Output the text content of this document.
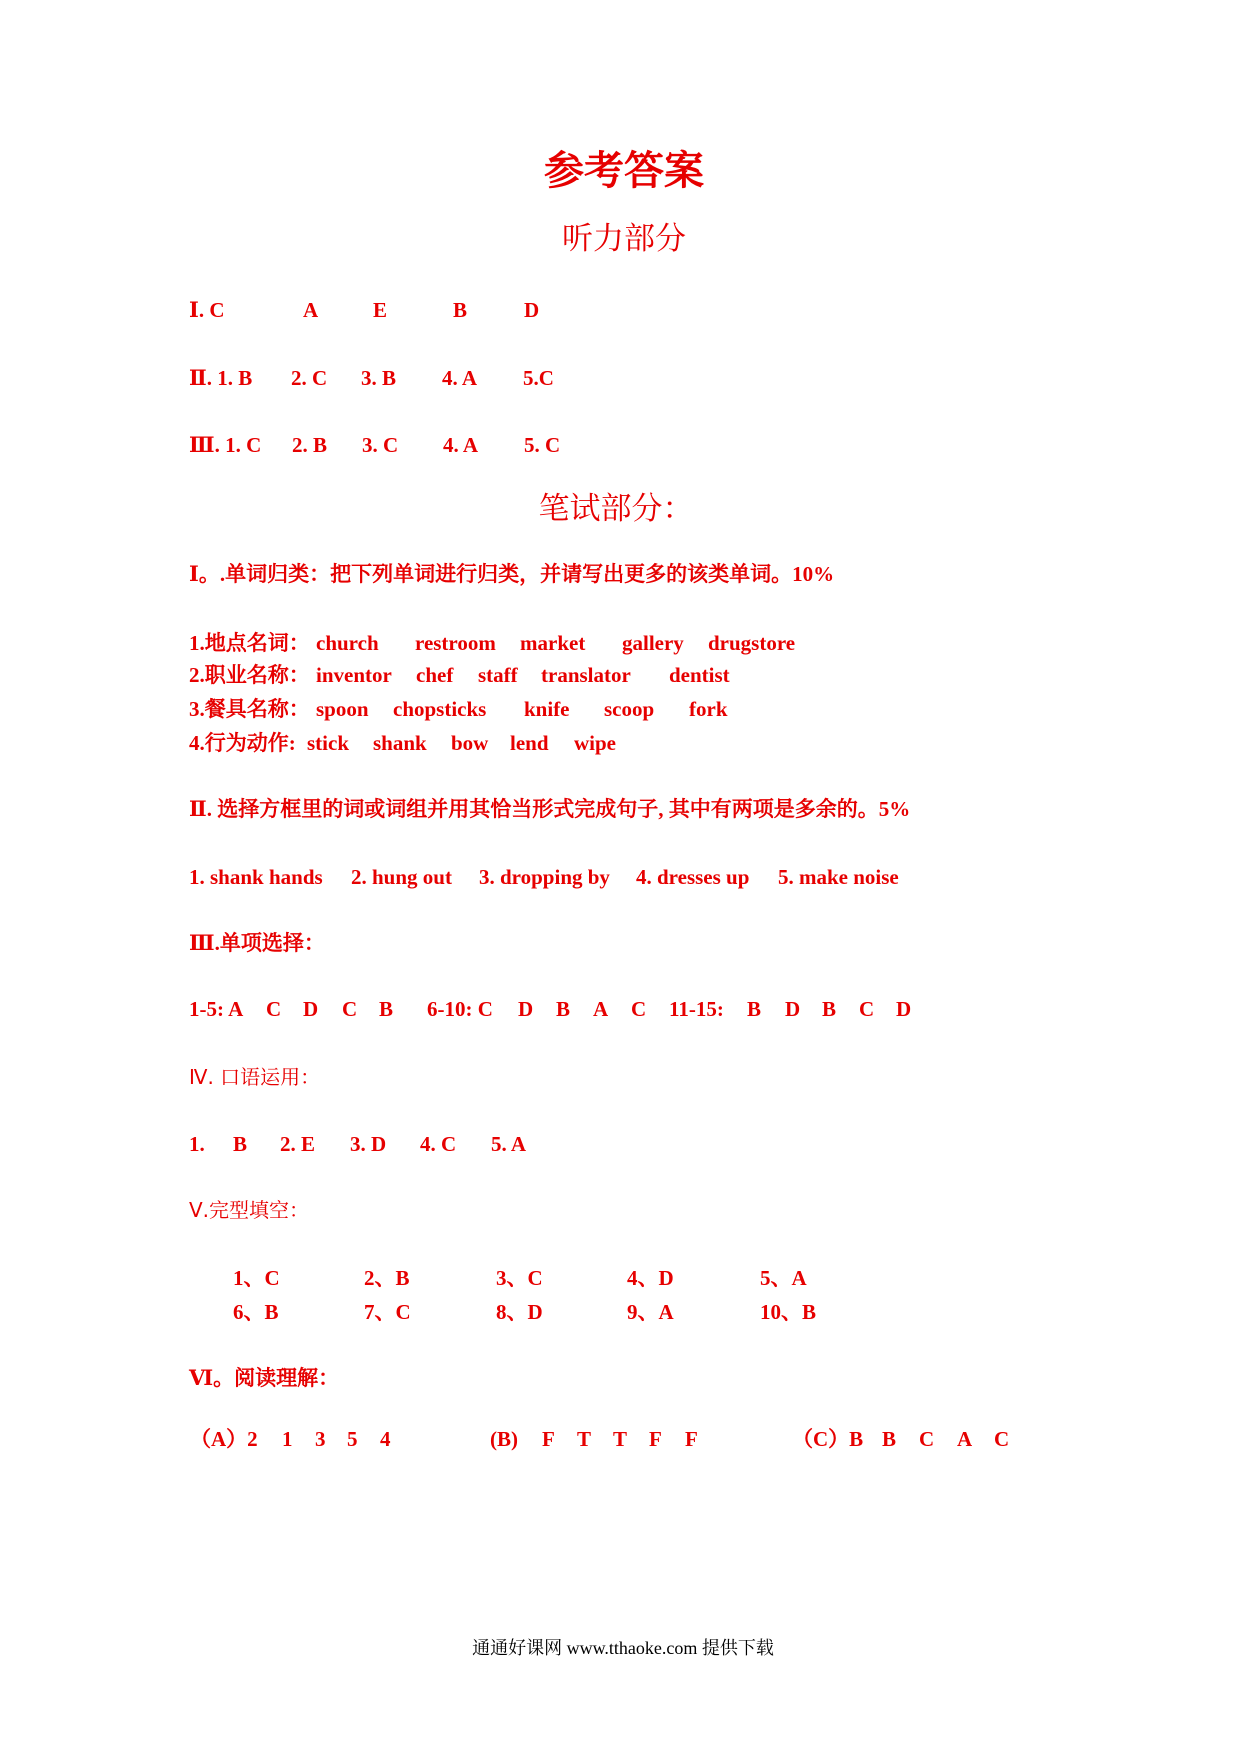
参考答案
听力部分
Ⅰ. C	A	E	B	D
Ⅱ. 1. B 2. C 3. B 4. A 5.C
Ⅲ. 1. C 2. B 3. C 4. A 5. C
笔试部分：
Ⅰ。.单词归类：把下列单词进行归类，并请写出更多的该类单词。10%
1.地点名词： church restroom market gallery drugstore
2.职业名称： inventor chef staff translator dentist
3.餐具名称： spoon chopsticks knife scoop fork
4.行为动作: stick shank bow lend wipe
Ⅱ. 选择方框里的词或词组并用其恰当形式完成句子, 其中有两项是多余的。5%
1. shank hands 2. hung out 3. dropping by 4. dresses up 5. make noise
Ⅲ.单项选择：
1-5: A C D C B 6-10: C D B A C 11-15: B D B C D
Ⅳ. 口语运用：
1. B 2. E 3. D 4. C 5. A
Ⅴ.完型填空：
1、C	2、B	3、C	4、D	5、A
6、B	7、C	8、D	9、A	10、B
Ⅵ。阅读理解：
（A）2 1 3 5 4	(B) F T T F F	（C）B B C A C
通通好课网 www.tthaoke.com 提供下载
